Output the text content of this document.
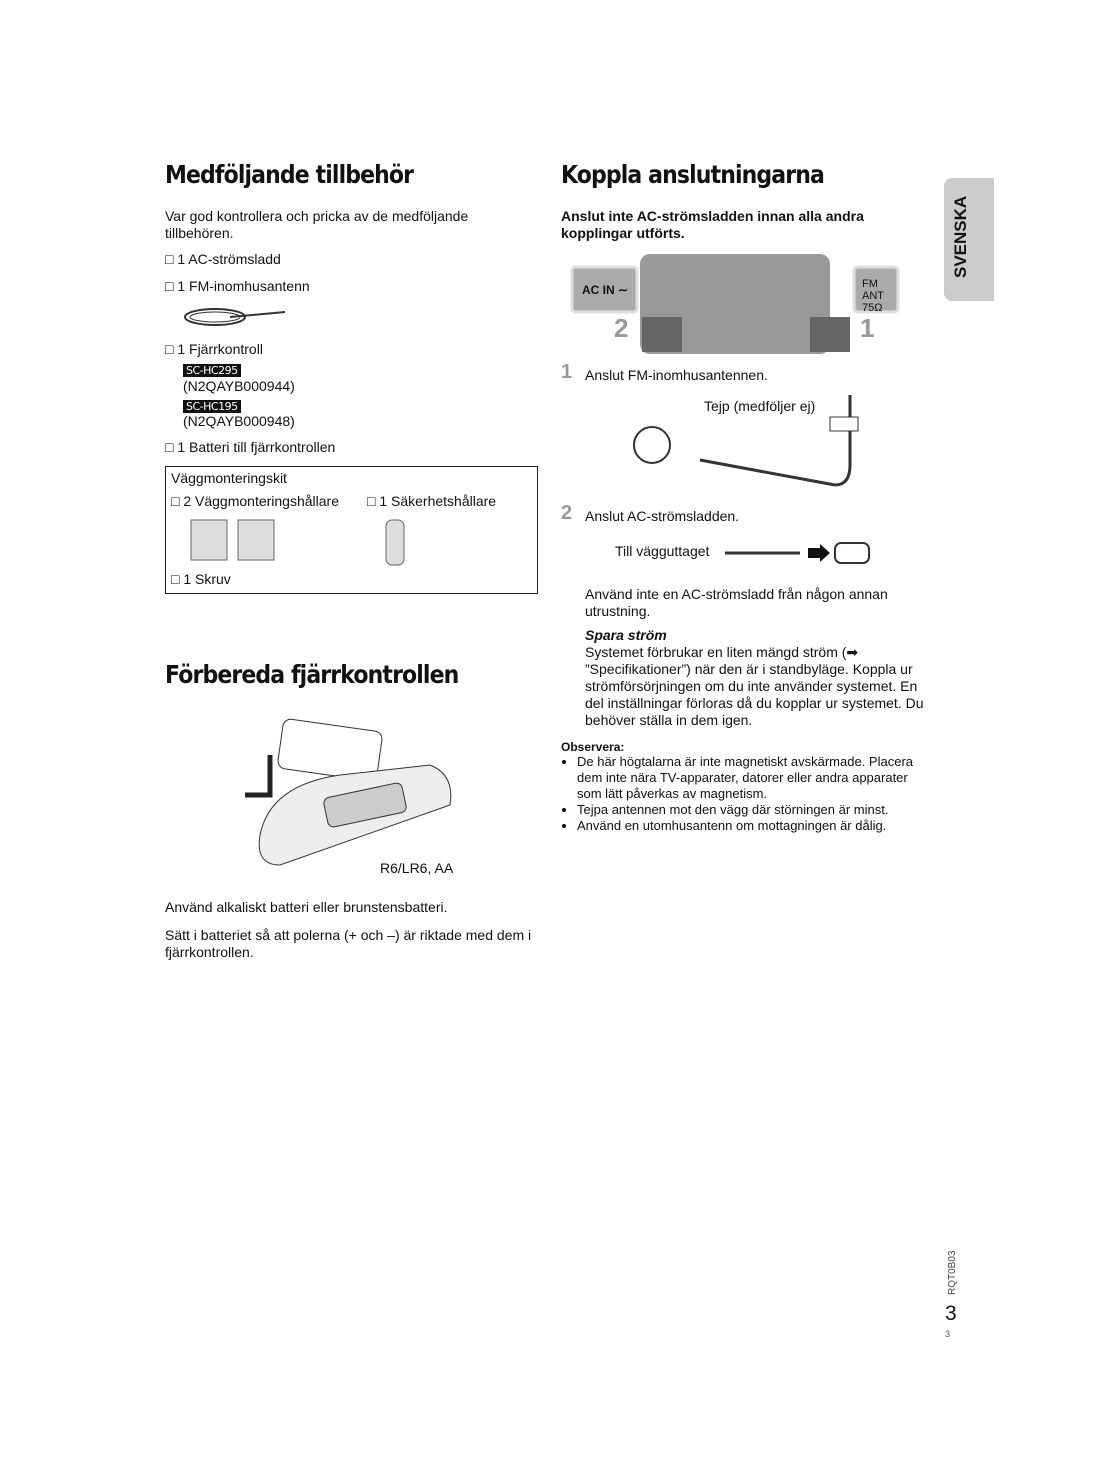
Medföljande tillbehör
Var god kontrollera och pricka av de medföljande tillbehören.
□ 1 AC-strömsladd
□ 1 FM-inomhusantenn
□ 1 Fjärrkontroll
SC-HC295
(N2QAYB000944)
SC-HC195
(N2QAYB000948)
□ 1 Batteri till fjärrkontrollen
Väggmonteringskit
□ 2 Väggmonteringshållare □ 1 Säkerhetshållare
□ 1 Skruv
Förbereda fjärrkontrollen
R6/LR6, AA
Använd alkaliskt batteri eller brunstensbatteri.
Sätt i batteriet så att polerna (+ och –) är riktade med dem i fjärrkontrollen.
Koppla anslutningarna
Anslut inte AC-strömsladden innan alla andra kopplingar utförts.
AC IN ∼	FM ANT 75Ω
2	1
1 Anslut FM-inomhusantennen.
Tejp (medföljer ej)
2 Anslut AC-strömsladden.
Till vägguttaget
Använd inte en AC-strömsladd från någon annan utrustning.
Spara ström
Systemet förbrukar en liten mängd ström (➡ ”Specifikationer”) när den är i standbyläge. Koppla ur strömförsörjningen om du inte använder systemet. En del inställningar förloras då du kopplar ur systemet. Du behöver ställa in dem igen.
Observera:
• De här högtalarna är inte magnetiskt avskärmade. Placera dem inte nära TV-apparater, datorer eller andra apparater som lätt påverkas av magnetism.
• Tejpa antennen mot den vägg där störningen är minst.
• Använd en utomhusantenn om mottagningen är dålig.
SVENSKA
RQT0B03
3
3
